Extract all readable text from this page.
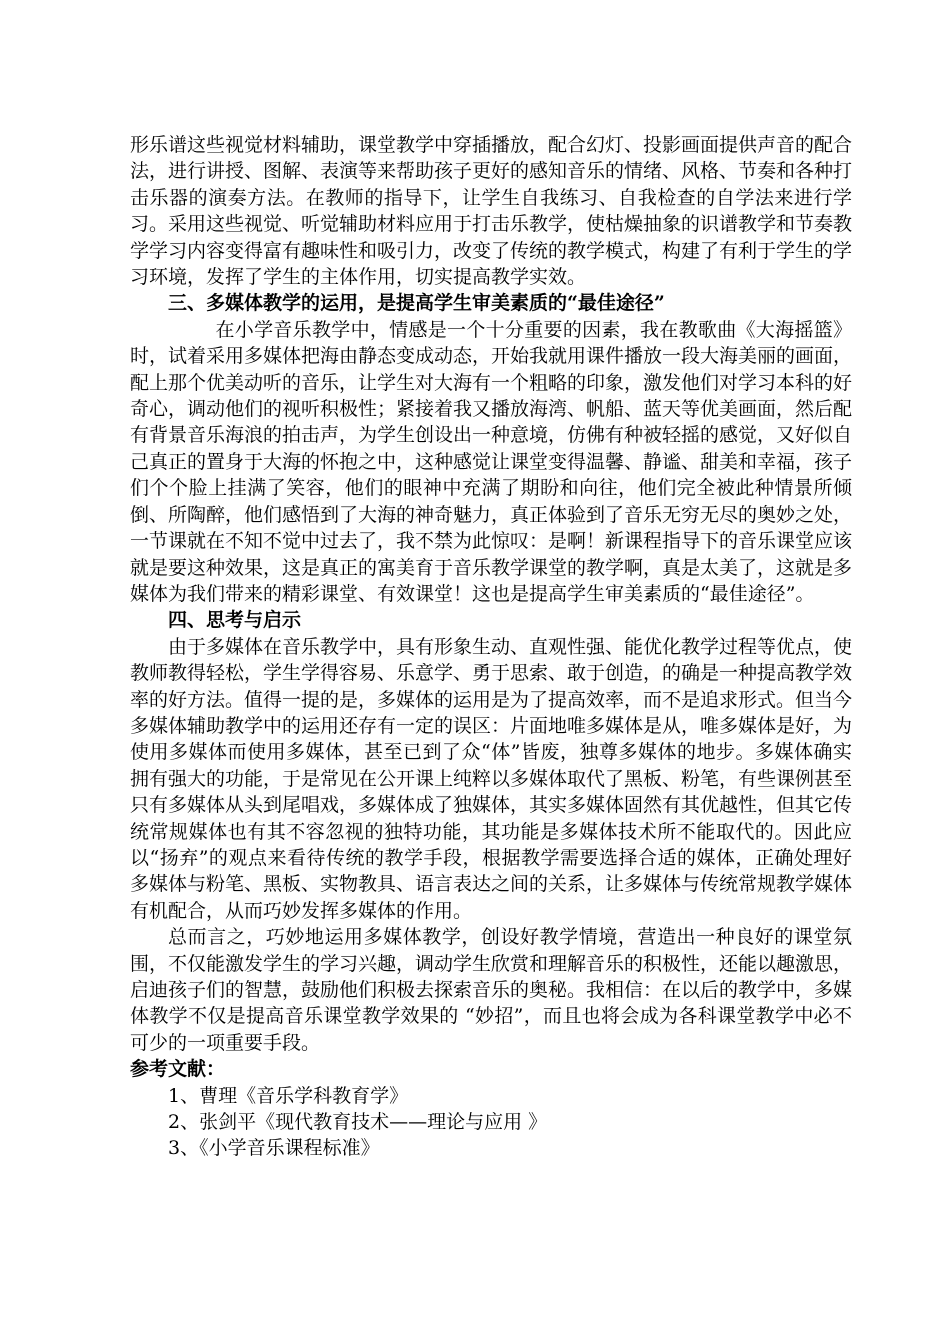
形乐谱这些视觉材料辅助，课堂教学中穿插播放，配合幻灯、投影画面提供声音的配合法，进行讲授、图解、表演等来帮助孩子更好的感知音乐的情绪、风格、节奏和各种打击乐器的演奏方法。在教师的指导下，让学生自我练习、自我检查的自学法来进行学习。采用这些视觉、听觉辅助材料应用于打击乐教学，使枯燥抽象的识谱教学和节奏教学学习内容变得富有趣味性和吸引力，改变了传统的教学模式，构建了有利于学生的学习环境，发挥了学生的主体作用，切实提高教学实效。

三、多媒体教学的运用，是提高学生审美素质的“最佳途径”

在小学音乐教学中，情感是一个十分重要的因素，我在教歌曲《大海摇篮》时，试着采用多媒体把海由静态变成动态，开始我就用课件播放一段大海美丽的画面，配上那个优美动听的音乐，让学生对大海有一个粗略的印象，激发他们对学习本科的好奇心，调动他们的视听积极性；紧接着我又播放海湾、帆船、蓝天等优美画面，然后配有背景音乐海浪的拍击声，为学生创设出一种意境，仿佛有种被轻摇的感觉，又好似自己真正的置身于大海的怀抱之中，这种感觉让课堂变得温馨、静谧、甜美和幸福，孩子们个个脸上挂满了笑容，他们的眼神中充满了期盼和向往，他们完全被此种情景所倾倒、所陶醉，他们感悟到了大海的神奇魅力，真正体验到了音乐无穷无尽的奥妙之处，一节课就在不知不觉中过去了，我不禁为此惊叹：是啊！新课程指导下的音乐课堂应该就是要这种效果，这是真正的寓美育于音乐教学课堂的教学啊，真是太美了，这就是多媒体为我们带来的精彩课堂、有效课堂！这也是提高学生审美素质的“最佳途径”。

四、思考与启示

由于多媒体在音乐教学中，具有形象生动、直观性强、能优化教学过程等优点，使教师教得轻松，学生学得容易、乐意学、勇于思索、敢于创造，的确是一种提高教学效率的好方法。值得一提的是，多媒体的运用是为了提高效率，而不是追求形式。但当今多媒体辅助教学中的运用还存有一定的误区：片面地唯多媒体是从，唯多媒体是好，为使用多媒体而使用多媒体，甚至已到了众“体”皆废，独尊多媒体的地步。多媒体确实拥有强大的功能，于是常见在公开课上纯粹以多媒体取代了黑板、粉笔，有些课例甚至只有多媒体从头到尾唱戏，多媒体成了独媒体，其实多媒体固然有其优越性，但其它传统常规媒体也有其不容忽视的独特功能，其功能是多媒体技术所不能取代的。因此应以“扬弃”的观点来看待传统的教学手段，根据教学需要选择合适的媒体，正确处理好多媒体与粉笔、黑板、实物教具、语言表达之间的关系，让多媒体与传统常规教学媒体有机配合，从而巧妙发挥多媒体的作用。

总而言之，巧妙地运用多媒体教学，创设好教学情境，营造出一种良好的课堂氛围，不仅能激发学生的学习兴趣，调动学生欣赏和理解音乐的积极性，还能以趣激思，启迪孩子们的智慧，鼓励他们积极去探索音乐的奥秘。我相信：在以后的教学中，多媒体教学不仅是提高音乐课堂教学效果的 “妙招”，而且也将会成为各科课堂教学中必不可少的一项重要手段。

参考文献：

1、曹理《音乐学科教育学》

2、张剑平《现代教育技术——理论与应用 》

3、《小学音乐课程标准》
